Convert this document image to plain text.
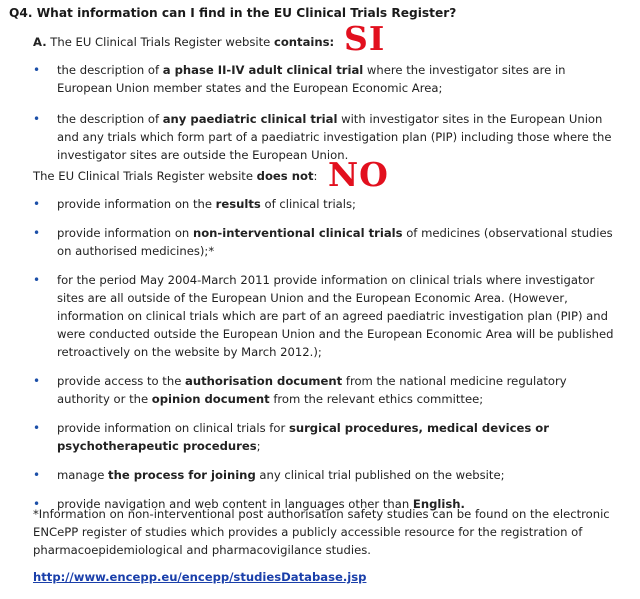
Q4. What information can I find in the EU Clinical Trials Register?
A. The EU Clinical Trials Register website contains: SI
• the description of a phase II-IV adult clinical trial where the investigator sites are in European Union member states and the European Economic Area;
• the description of any paediatric clinical trial with investigator sites in the European Union and any trials which form part of a paediatric investigation plan (PIP) including those where the investigator sites are outside the European Union.
The EU Clinical Trials Register website does not: NO
• provide information on the results of clinical trials;
• provide information on non-interventional clinical trials of medicines (observational studies on authorised medicines);*
• for the period May 2004-March 2011 provide information on clinical trials where investigator sites are all outside of the European Union and the European Economic Area. (However, information on clinical trials which are part of an agreed paediatric investigation plan (PIP) and were conducted outside the European Union and the European Economic Area will be published retroactively on the website by March 2012.);
• provide access to the authorisation document from the national medicine regulatory authority or the opinion document from the relevant ethics committee;
• provide information on clinical trials for surgical procedures, medical devices or psychotherapeutic procedures;
• manage the process for joining any clinical trial published on the website;
• provide navigation and web content in languages other than English.
*Information on non-interventional post authorisation safety studies can be found on the electronic ENCePP register of studies which provides a publicly accessible resource for the registration of pharmacoepidemiological and pharmacovigilance studies.
http://www.encepp.eu/encepp/studiesDatabase.jsp
